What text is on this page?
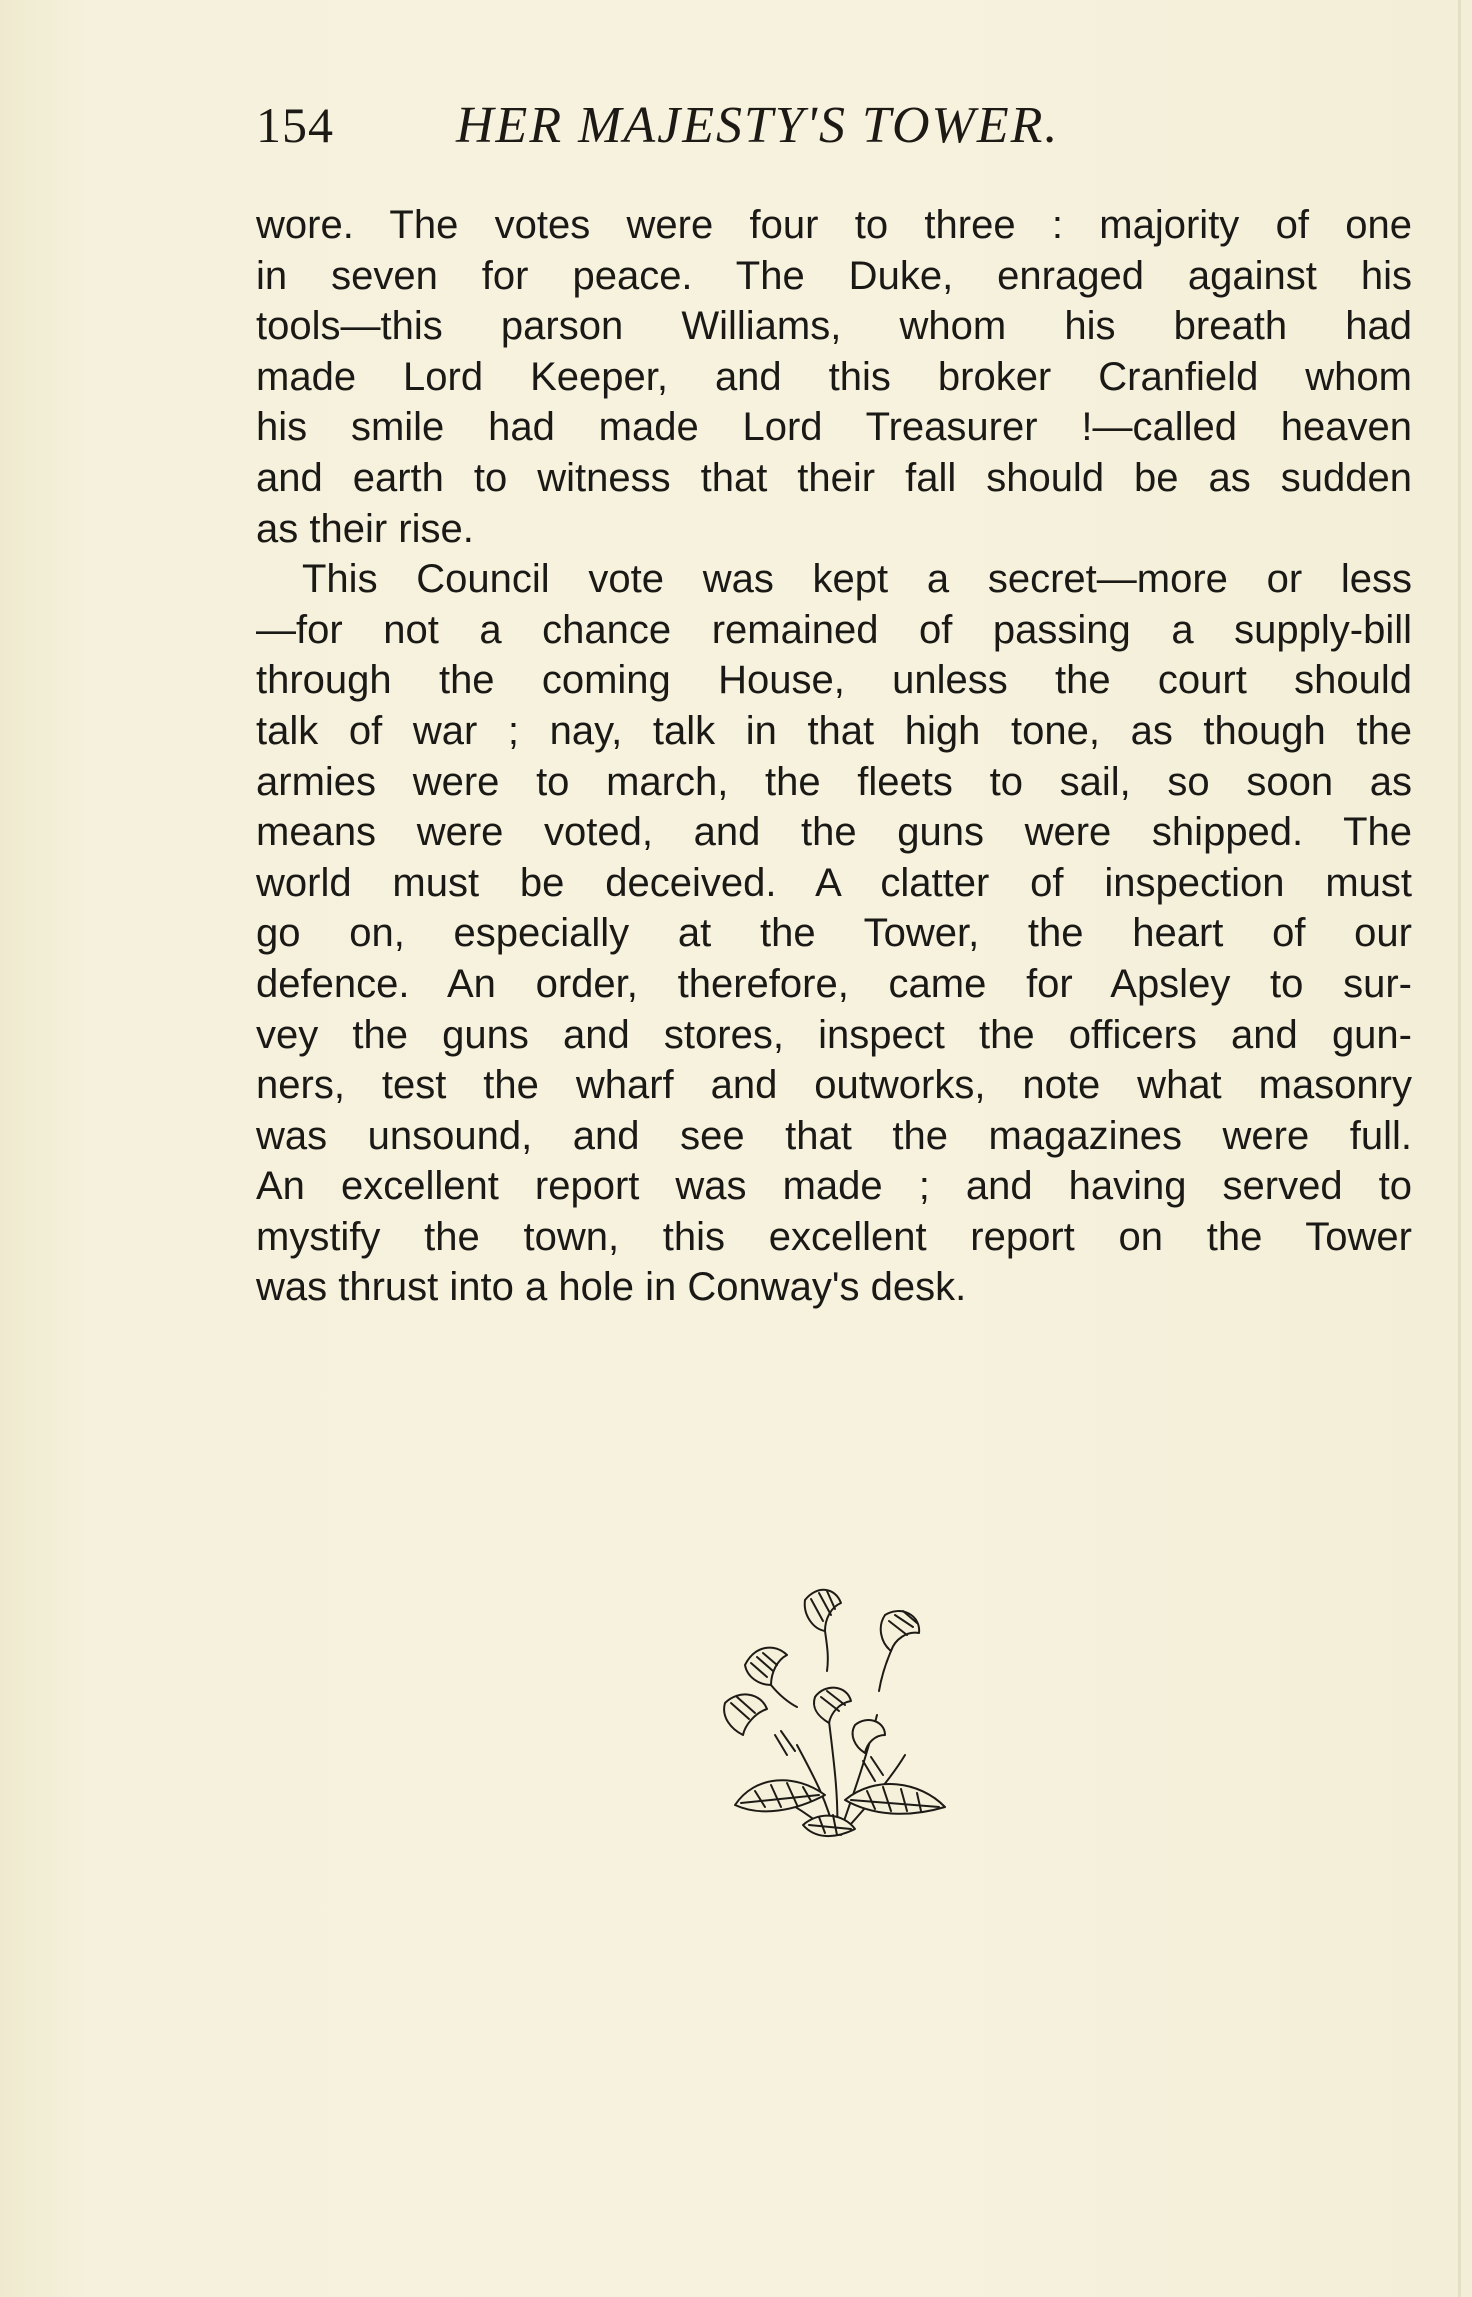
154 HER MAJESTY'S TOWER.

wore. The votes were four to three : majority of one
in seven for peace. The Duke, enraged against his
tools—this parson Williams, whom his breath had
made Lord Keeper, and this broker Cranfield whom
his smile had made Lord Treasurer !—called heaven
and earth to witness that their fall should be as sudden
as their rise.

This Council vote was kept a secret—more or less
—for not a chance remained of passing a supply-bill
through the coming House, unless the court should
talk of war ; nay, talk in that high tone, as though the
armies were to march, the fleets to sail, so soon as
means were voted, and the guns were shipped. The
world must be deceived. A clatter of inspection must
go on, especially at the Tower, the heart of our
defence. An order, therefore, came for Apsley to sur-
vey the guns and stores, inspect the officers and gun-
ners, test the wharf and outworks, note what masonry
was unsound, and see that the magazines were full.
An excellent report was made ; and having served to
mystify the town, this excellent report on the Tower
was thrust into a hole in Conway's desk.
